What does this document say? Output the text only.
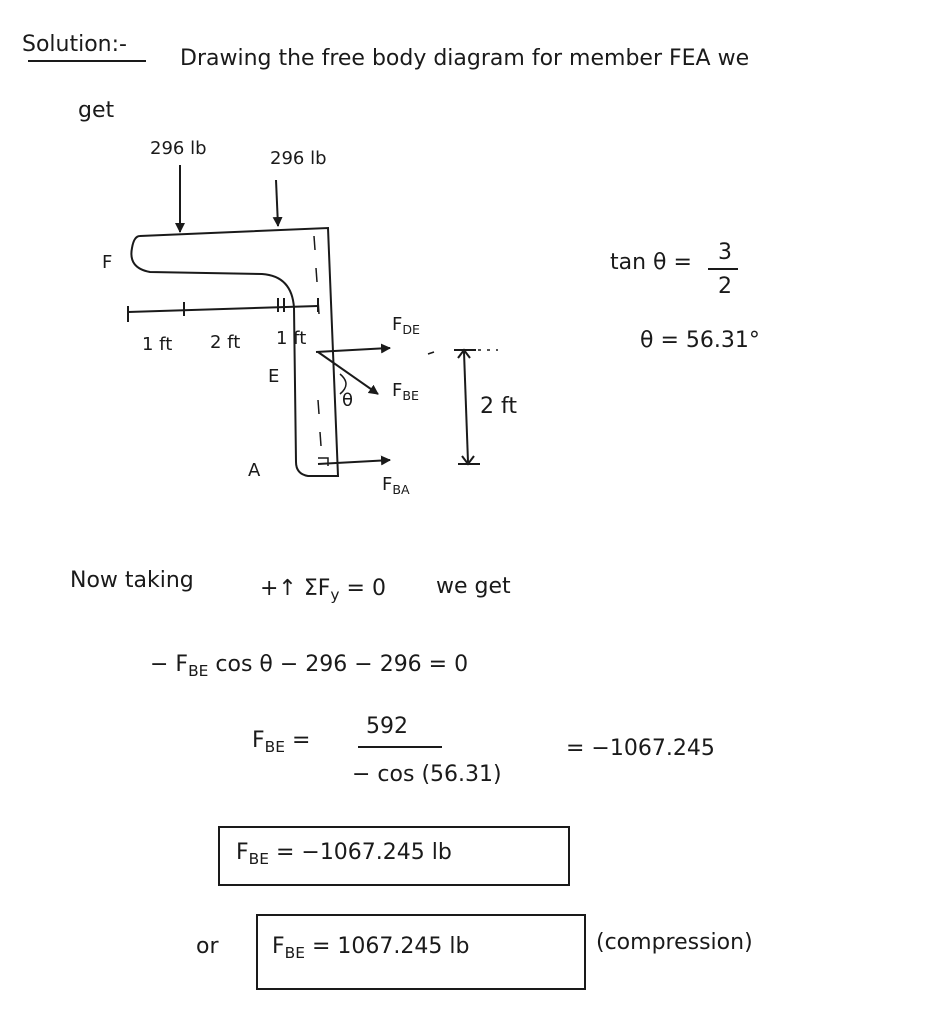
Solution:-
Drawing the free body diagram for member FEA we
get
296 lb	296 lb
F
E
A
1 ft 2 ft 1 ft
$F_{DE}$
$F_{BE}$
$F_{BA}$
θ	2 ft
tan θ = 3
2
θ = 56.31°
Now taking	+↑ $\Sigma F_y = 0$ we get
− $F_{BE}$ cos θ − 296 − 296 = 0
$F_{BE}$ =
592
− cos (56.31)
= −1067.245
$F_{BE} = -1067.245$ lb
or $F_{BE} = 1067.245$ lb	(compression)
